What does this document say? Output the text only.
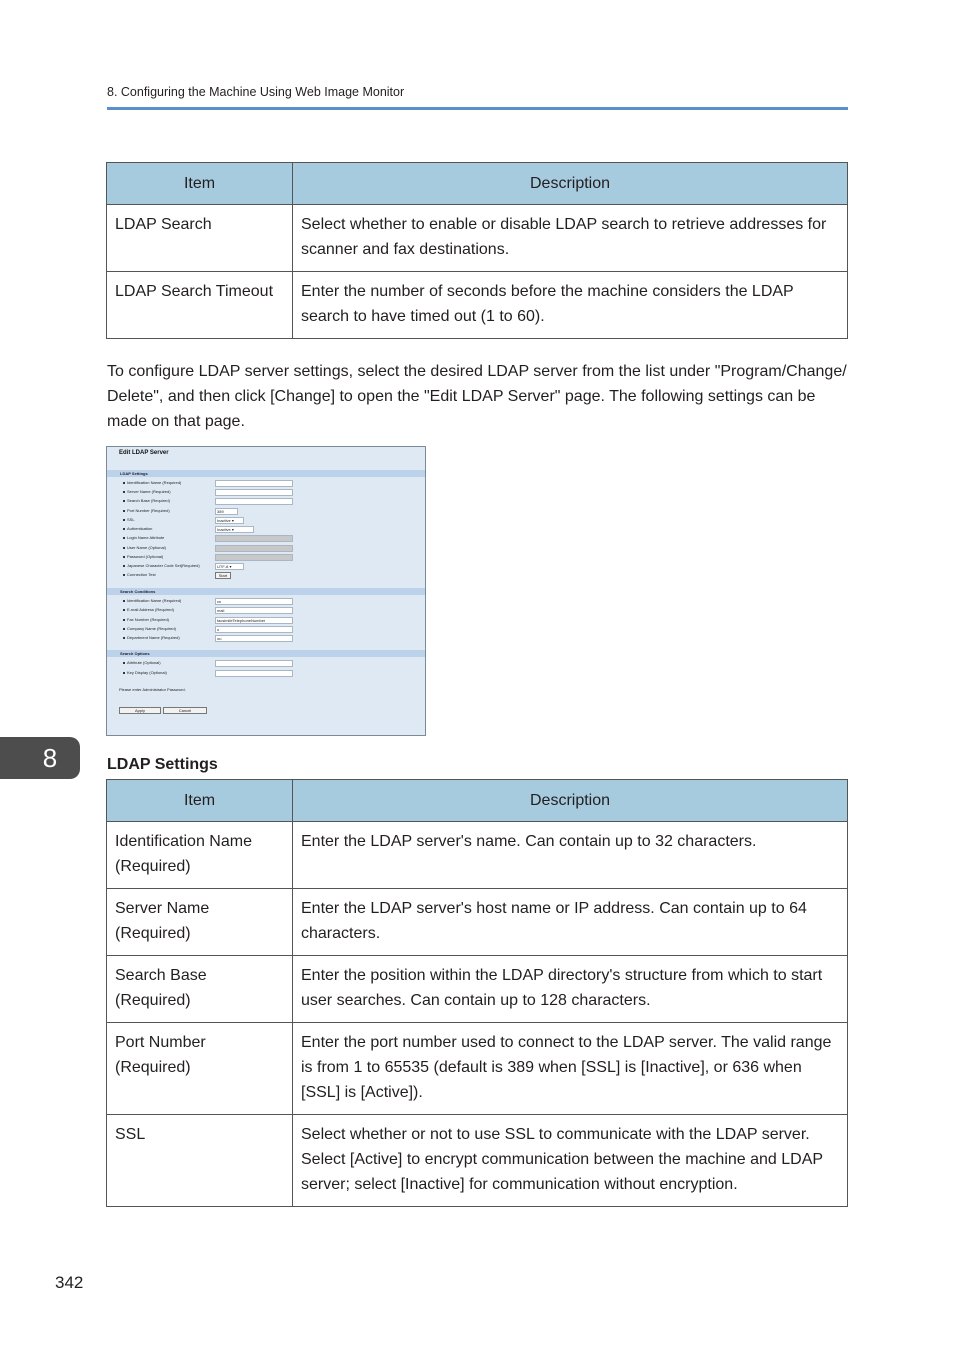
8. Configuring the Machine Using Web Image Monitor
Item	Description
LDAP Search	Select whether to enable or disable LDAP search to retrieve addresses for scanner and fax destinations.
LDAP Search Timeout	Enter the number of seconds before the machine considers the LDAP search to have timed out (1 to 60).
To configure LDAP server settings, select the desired LDAP server from the list under "Program/Change/ Delete", and then click [Change] to open the "Edit LDAP Server" page. The following settings can be made on that page.
Edit LDAP Server
LDAP Settings
Identification Name (Required)
Server Name (Required)
Search Base (Required)
Port Number (Required)	389
SSL	Inactive ▾
Authentication	Inactive ▾
Login Name Attribute
User Name (Optional)
Password (Optional)
Japanese Character Code Set(Required)	UTF-8 ▾
Connection Test	Start
Search Conditions
Identification Name (Required)	cn
E-mail Address (Required)	mail
Fax Number (Required)	facsimileTelephoneNumber
Company Name (Required)	o
Department Name (Required)	ou
Search Options
Attribute (Optional)
Key Display (Optional)
Please enter Administrator Password.
Apply	Cancel
8	LDAP Settings
Item	Description
Identification Name (Required)	Enter the LDAP server's name. Can contain up to 32 characters.
Server Name (Required)	Enter the LDAP server's host name or IP address. Can contain up to 64 characters.
Search Base (Required)	Enter the position within the LDAP directory's structure from which to start user searches. Can contain up to 128 characters.
Port Number (Required)	Enter the port number used to connect to the LDAP server. The valid range is from 1 to 65535 (default is 389 when [SSL] is [Inactive], or 636 when [SSL] is [Active]).
SSL	Select whether or not to use SSL to communicate with the LDAP server. Select [Active] to encrypt communication between the machine and LDAP server; select [Inactive] for communication without encryption.
342
